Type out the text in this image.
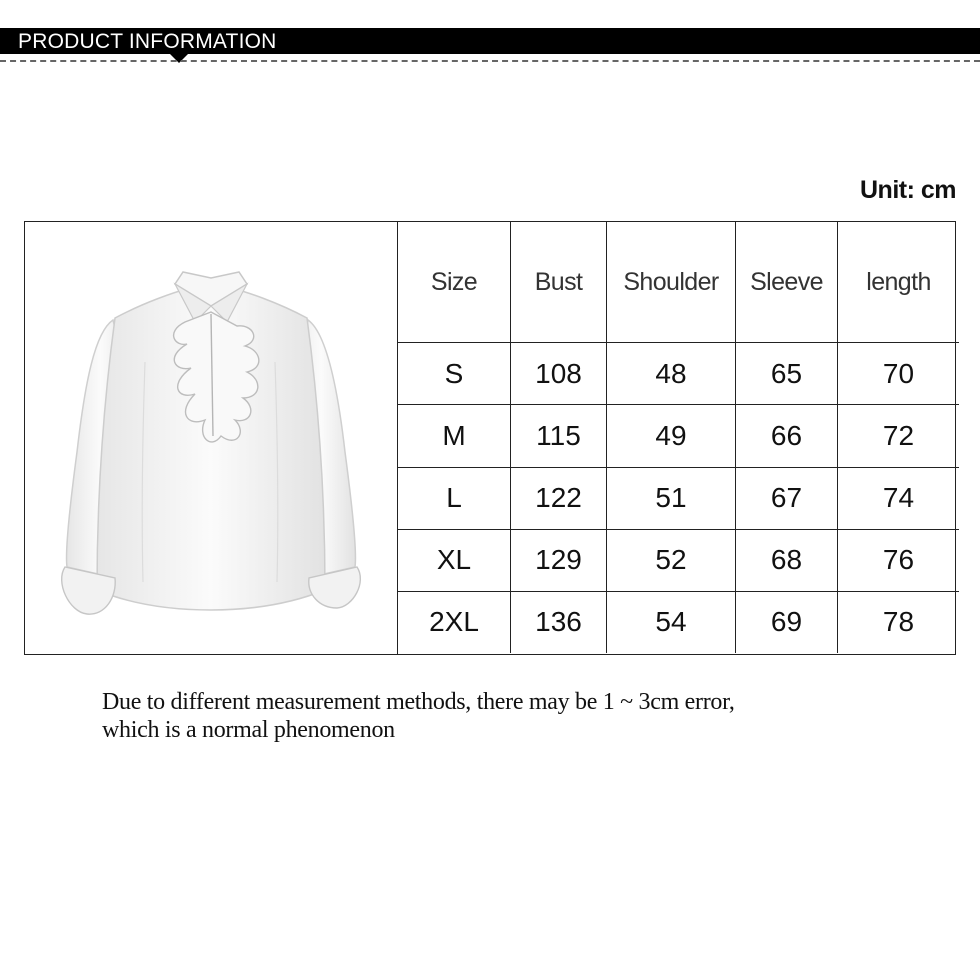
PRODUCT INFORMATION
Unit: cm
Size	Bust	Shoulder	Sleeve	length
S	108	48	65	70
M	115	49	66	72
L	122	51	67	74
XL	129	52	68	76
2XL	136	54	69	78
Due to different measurement methods, there may be 1 ~ 3cm error,
which is a normal phenomenon
